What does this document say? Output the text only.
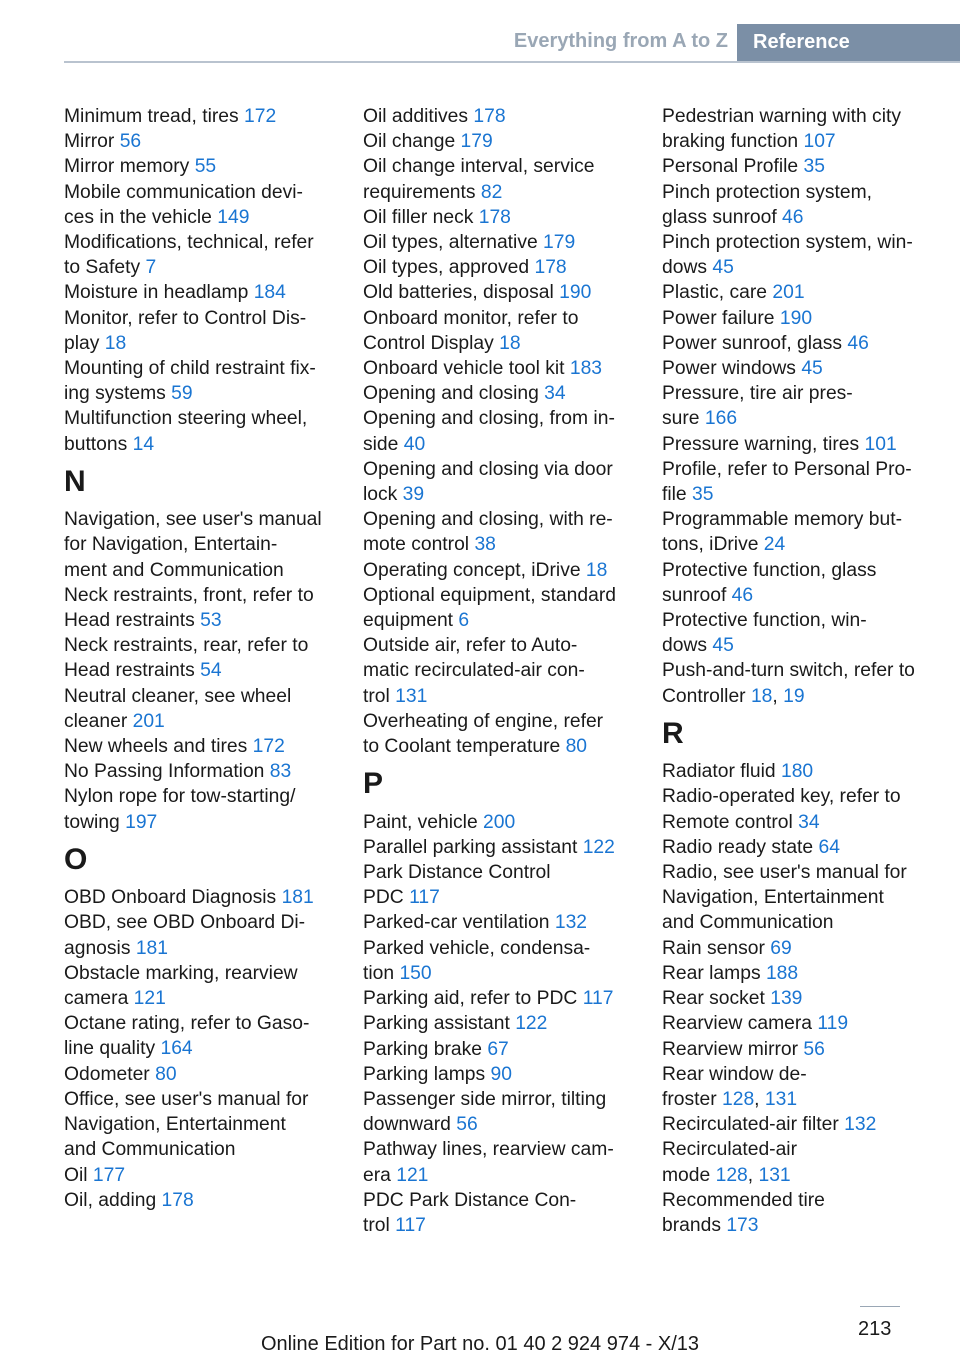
Everything from A to Z	Reference
Minimum tread, tires 172
Mirror 56
Mirror memory 55
Mobile communication devi-
ces in the vehicle 149
Modifications, technical, refer
to Safety 7
Moisture in headlamp 184
Monitor, refer to Control Dis-
play 18
Mounting of child restraint fix-
ing systems 59
Multifunction steering wheel,
buttons 14
N
Navigation, see user's manual
for Navigation, Entertain-
ment and Communication
Neck restraints, front, refer to
Head restraints 53
Neck restraints, rear, refer to
Head restraints 54
Neutral cleaner, see wheel
cleaner 201
New wheels and tires 172
No Passing Information 83
Nylon rope for tow-starting/
towing 197
O
OBD Onboard Diagnosis 181
OBD, see OBD Onboard Di-
agnosis 181
Obstacle marking, rearview
camera 121
Octane rating, refer to Gaso-
line quality 164
Odometer 80
Office, see user's manual for
Navigation, Entertainment
and Communication
Oil 177
Oil, adding 178
Oil additives 178
Oil change 179
Oil change interval, service
requirements 82
Oil filler neck 178
Oil types, alternative 179
Oil types, approved 178
Old batteries, disposal 190
Onboard monitor, refer to
Control Display 18
Onboard vehicle tool kit 183
Opening and closing 34
Opening and closing, from in-
side 40
Opening and closing via door
lock 39
Opening and closing, with re-
mote control 38
Operating concept, iDrive 18
Optional equipment, standard
equipment 6
Outside air, refer to Auto-
matic recirculated-air con-
trol 131
Overheating of engine, refer
to Coolant temperature 80
P
Paint, vehicle 200
Parallel parking assistant 122
Park Distance Control
PDC 117
Parked-car ventilation 132
Parked vehicle, condensa-
tion 150
Parking aid, refer to PDC 117
Parking assistant 122
Parking brake 67
Parking lamps 90
Passenger side mirror, tilting
downward 56
Pathway lines, rearview cam-
era 121
PDC Park Distance Con-
trol 117
Pedestrian warning with city
braking function 107
Personal Profile 35
Pinch protection system,
glass sunroof 46
Pinch protection system, win-
dows 45
Plastic, care 201
Power failure 190
Power sunroof, glass 46
Power windows 45
Pressure, tire air pres-
sure 166
Pressure warning, tires 101
Profile, refer to Personal Pro-
file 35
Programmable memory but-
tons, iDrive 24
Protective function, glass
sunroof 46
Protective function, win-
dows 45
Push-and-turn switch, refer to
Controller 18, 19
R
Radiator fluid 180
Radio-operated key, refer to
Remote control 34
Radio ready state 64
Radio, see user's manual for
Navigation, Entertainment
and Communication
Rain sensor 69
Rear lamps 188
Rear socket 139
Rearview camera 119
Rearview mirror 56
Rear window de-
froster 128, 131
Recirculated-air filter 132
Recirculated-air
mode 128, 131
Recommended tire
brands 173
213
Online Edition for Part no. 01 40 2 924 974 - X/13
